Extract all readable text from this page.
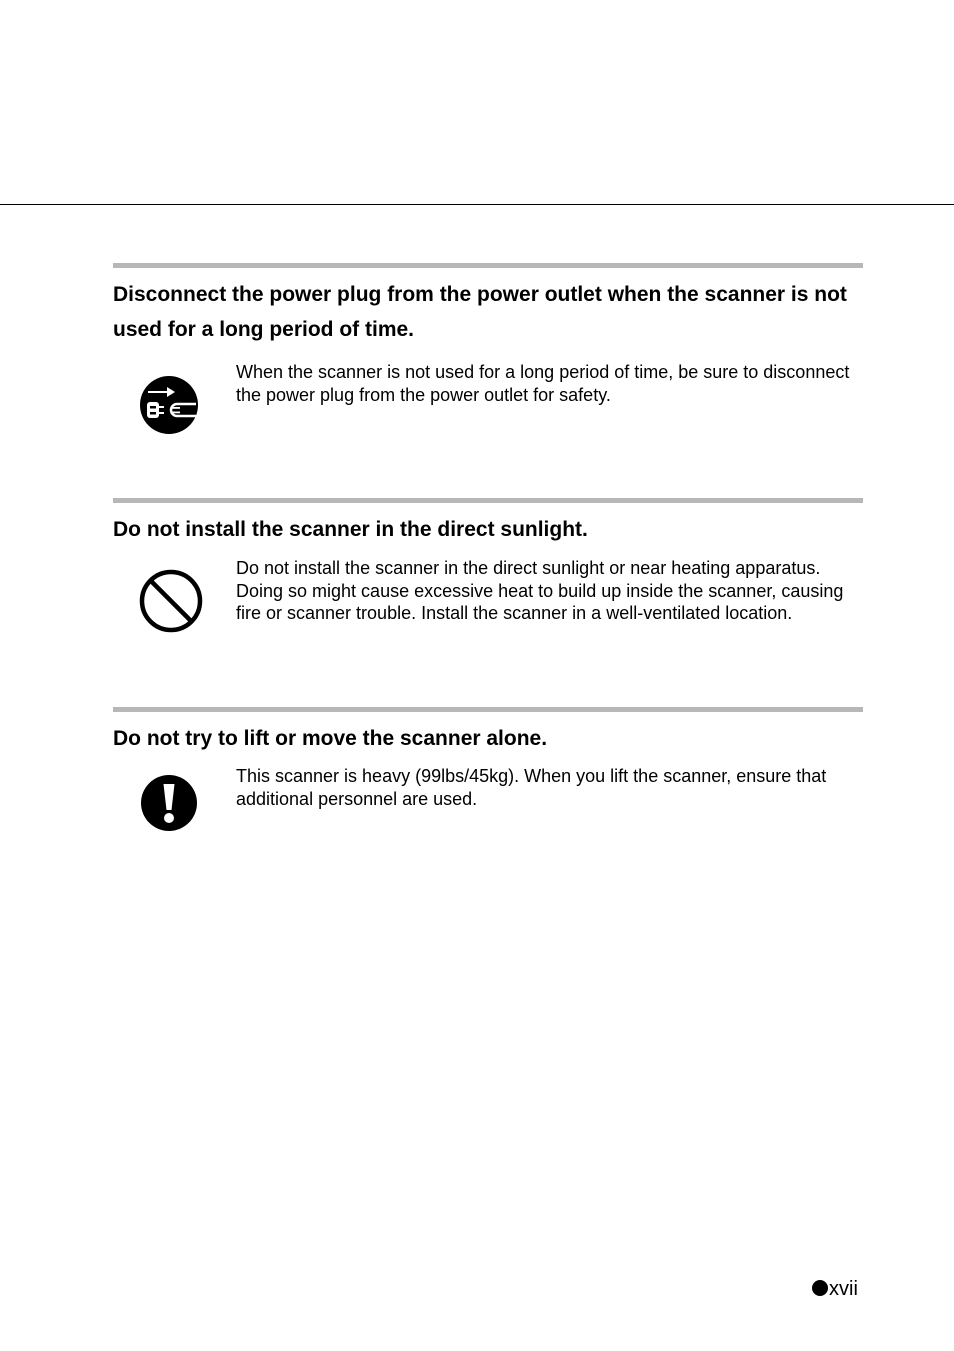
Disconnect the power plug from the power outlet when the scanner is not used for a long period of time.

When the scanner is not used for a long period of time, be sure to disconnect the power plug from the power outlet for safety.

Do not install the scanner in the direct sunlight.

Do not install the scanner in the direct sunlight or near heating apparatus. Doing so might cause excessive heat to build up inside the scanner, causing fire or scanner trouble. Install the scanner in a well-ventilated location.

Do not try to lift or move the scanner alone.

This scanner is heavy (99lbs/45kg). When you lift the scanner, ensure that additional personnel are used.

xvii
